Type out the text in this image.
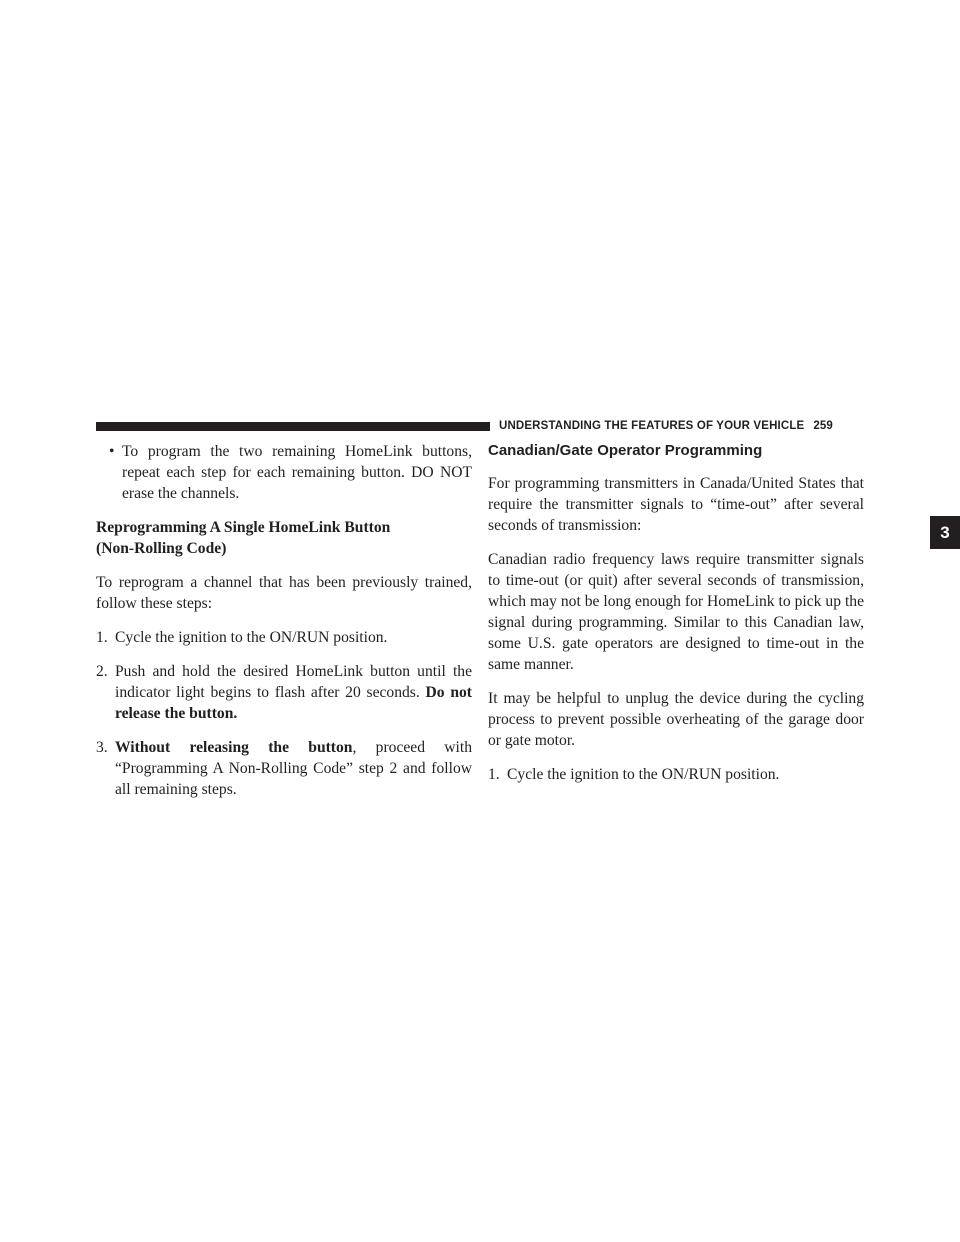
UNDERSTANDING THE FEATURES OF YOUR VEHICLE 259
3
• To program the two remaining HomeLink buttons, repeat each step for each remaining button. DO NOT erase the channels.
Reprogramming A Single HomeLink Button
(Non-Rolling Code)

To reprogram a channel that has been previously trained, follow these steps:

1. Cycle the ignition to the ON/RUN position.
2. Push and hold the desired HomeLink button until the indicator light begins to flash after 20 seconds. Do not release the button.
3. Without releasing the button, proceed with “Programming A Non-Rolling Code” step 2 and follow all remaining steps.
Canadian/Gate Operator Programming

For programming transmitters in Canada/United States that require the transmitter signals to “time-out” after several seconds of transmission:

Canadian radio frequency laws require transmitter signals to time-out (or quit) after several seconds of transmission, which may not be long enough for HomeLink to pick up the signal during programming. Similar to this Canadian law, some U.S. gate operators are designed to time-out in the same manner.

It may be helpful to unplug the device during the cycling process to prevent possible overheating of the garage door or gate motor.

1. Cycle the ignition to the ON/RUN position.
